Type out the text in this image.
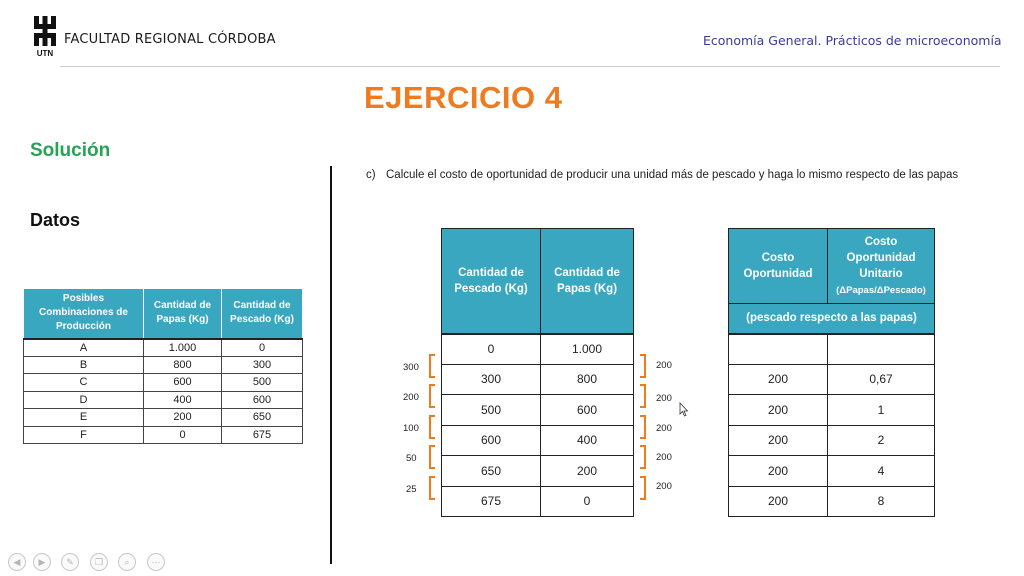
UTN
FACULTAD REGIONAL CÓRDOBA	Economía General. Prácticos de microeconomía
EJERCICIO 4
Solución
Datos
Posibles Combinaciones de Producción	Cantidad de Papas (Kg)	Cantidad de Pescado (Kg)
A	1.000	0
B	800	300
C	600	500
D	400	600
E	200	650
F	0	675
c) Calcule el costo de oportunidad de producir una unidad más de pescado y haga lo mismo respecto de las papas
Cantidad de Pescado (Kg)	Cantidad de Papas (Kg)
0	1.000
300	800
500	600
600	400
650	200
675	0
300
200
100
50
25
200
200
200
200
200
Costo Oportunidad	Costo Oportunidad Unitario
(ΔPapas/ΔPescado)
(pescado respecto a las papas)	

200	0,67
200	1
200	2
200	4
200	8
◀	▶	✎	❐	⌕	⋯
